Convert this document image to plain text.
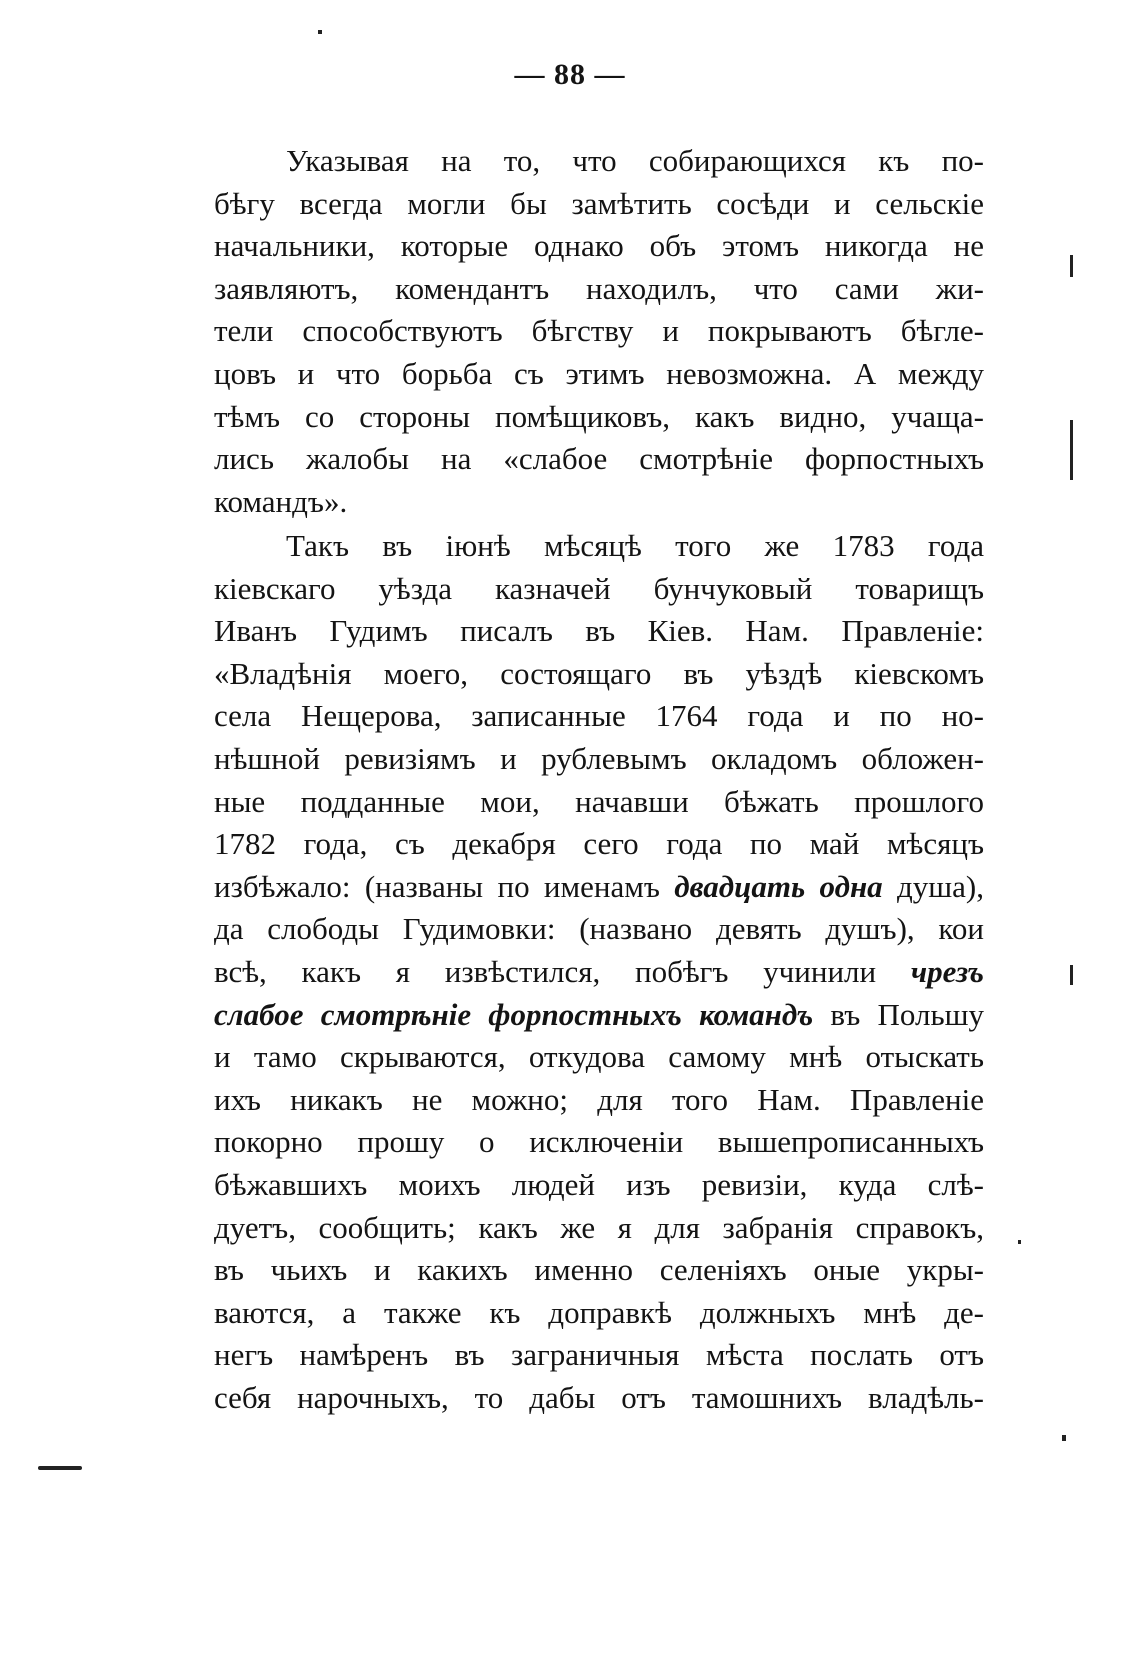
— 88 —
Указывая на то, что собирающихся къ по-
бѣгу всегда могли бы замѣтить сосѣди и сельскіе
начальники, которые однако объ этомъ никогда не
заявляютъ, комендантъ находилъ, что сами жи-
тели способствуютъ бѣгству и покрываютъ бѣгле-
цовъ и что борьба съ этимъ невозможна. А между
тѣмъ со стороны помѣщиковъ, какъ видно, учаща-
лись жалобы на «слабое смотрѣніе форпостныхъ
командъ».
Такъ въ іюнѣ мѣсяцѣ того же 1783 года
кіевскаго уѣзда казначей бунчуковый товарищъ
Иванъ Гудимъ писалъ въ Кіев. Нам. Правленіе:
«Владѣнія моего, состоящаго въ уѣздѣ кіевскомъ
села Нещерова, записанные 1764 года и по но-
нѣшной ревизіямъ и рублевымъ окладомъ обложен-
ные подданные мои, начавши бѣжать прошлого
1782 года, съ декабря сего года по май мѣсяцъ
избѣжало: (названы по именамъ двадцать одна душа),
да слободы Гудимовки: (названо девять душъ), кои
всѣ, какъ я извѣстился, побѣгъ учинили чрезъ
слабое смотрѣніе форпостныхъ командъ въ Польшу
и тамо скрываются, откудова самому мнѣ отыскать
ихъ никакъ не можно; для того Нам. Правленіе
покорно прошу о исключеніи вышепрописанныхъ
бѣжавшихъ моихъ людей изъ ревизіи, куда слѣ-
дуетъ, сообщить; какъ же я для забранія справокъ,
въ чьихъ и какихъ именно селеніяхъ оные укры-
ваются, а также къ доправкѣ должныхъ мнѣ де-
негъ намѣренъ въ заграничныя мѣста послать отъ
себя нарочныхъ, то дабы отъ тамошнихъ владѣль-
